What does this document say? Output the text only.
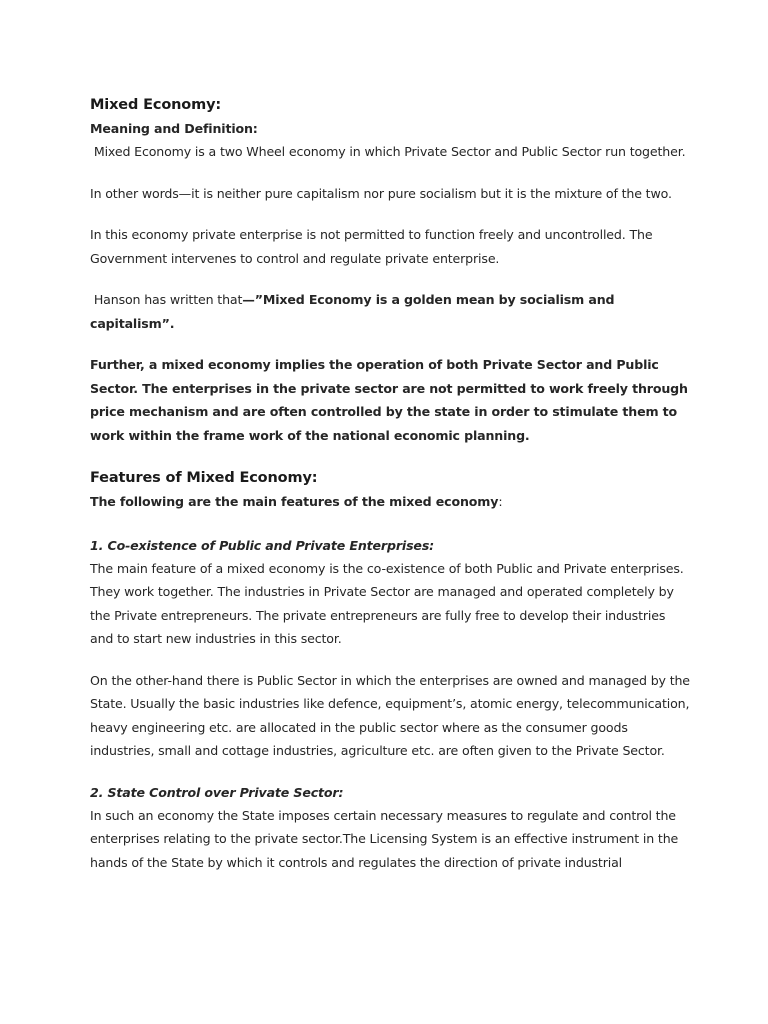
Mixed Economy:
Meaning and Definition:

Mixed Economy is a two Wheel economy in which Private Sector and Public Sector run together.

In other words—it is neither pure capitalism nor pure socialism but it is the mixture of the two.

In this economy private enterprise is not permitted to function freely and uncontrolled. The Government intervenes to control and regulate private enterprise.

Hanson has written that—”Mixed Economy is a golden mean by socialism and capitalism”.

Further, a mixed economy implies the operation of both Private Sector and Public Sector. The enterprises in the private sector are not permitted to work freely through price mechanism and are often controlled by the state in order to stimulate them to work within the frame work of the national economic planning.

Features of Mixed Economy:

The following are the main features of the mixed economy:

1. Co-existence of Public and Private Enterprises:

The main feature of a mixed economy is the co-existence of both Public and Private enterprises. They work together. The industries in Private Sector are managed and operated completely by the Private entrepreneurs. The private entrepreneurs are fully free to develop their industries and to start new industries in this sector.

On the other-hand there is Public Sector in which the enterprises are owned and managed by the State. Usually the basic industries like defence, equipment’s, atomic energy, telecommunication, heavy engineering etc. are allocated in the public sector where as the consumer goods industries, small and cottage industries, agriculture etc. are often given to the Private Sector.

2. State Control over Private Sector:

In such an economy the State imposes certain necessary measures to regulate and control the enterprises relating to the private sector.The Licensing System is an effective instrument in the hands of the State by which it controls and regulates the direction of private industrial
